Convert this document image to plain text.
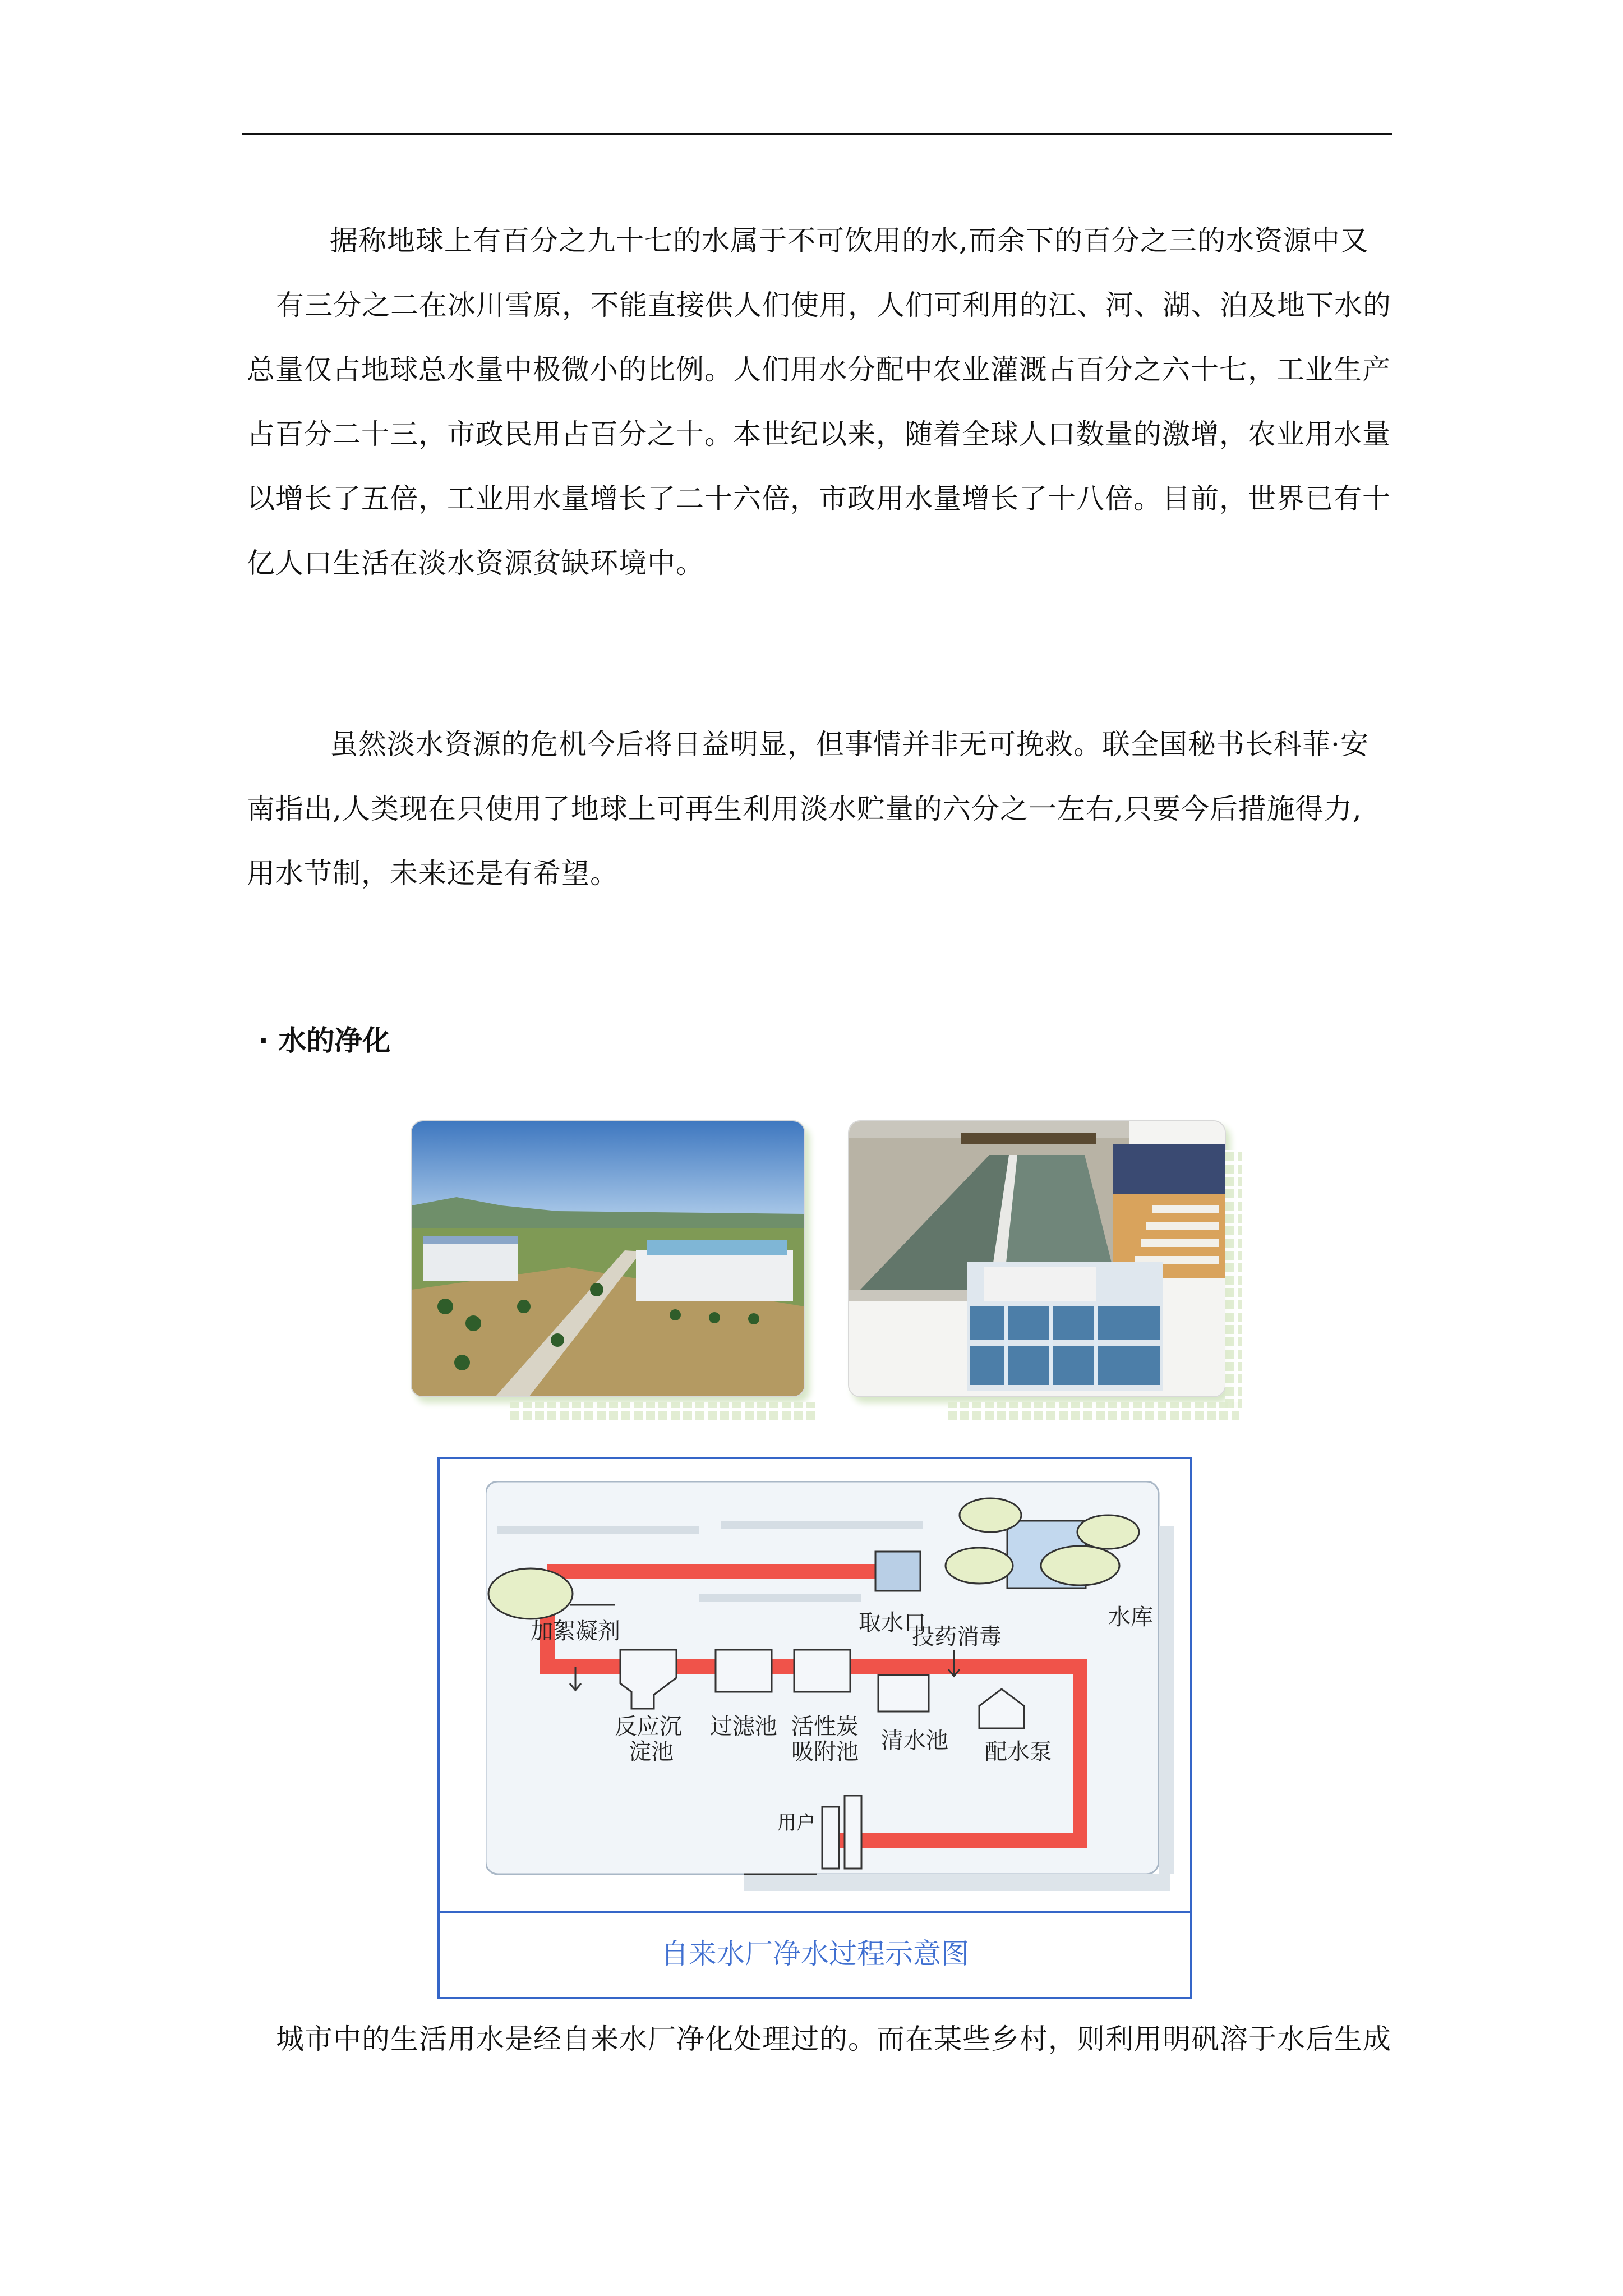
据称地球上有百分之九十七的水属于不可饮用的水,而余下的百分之三的水资源中又
有三分之二在冰川雪原，不能直接供人们使用，人们可利用的江、河、湖、泊及地下水的
总量仅占地球总水量中极微小的比例。人们用水分配中农业灌溉占百分之六十七，工业生产
占百分二十三，市政民用占百分之十。本世纪以来，随着全球人口数量的激增，农业用水量
以增长了五倍，工业用水量增长了二十六倍，市政用水量增长了十八倍。目前，世界已有十
亿人口生活在淡水资源贫缺环境中。
虽然淡水资源的危机今后将日益明显，但事情并非无可挽救。联全国秘书长科菲·安
南指出,人类现在只使用了地球上可再生利用淡水贮量的六分之一左右,只要今后措施得力,
用水节制，未来还是有希望。
· 水的净化
取水口	水库
加絮凝剂	投药消毒
反应沉
淀池
过滤池 活性炭
吸附池 清水池 配水泵
用户
自来水厂净水过程示意图
城市中的生活用水是经自来水厂净化处理过的。而在某些乡村，则利用明矾溶于水后生成
